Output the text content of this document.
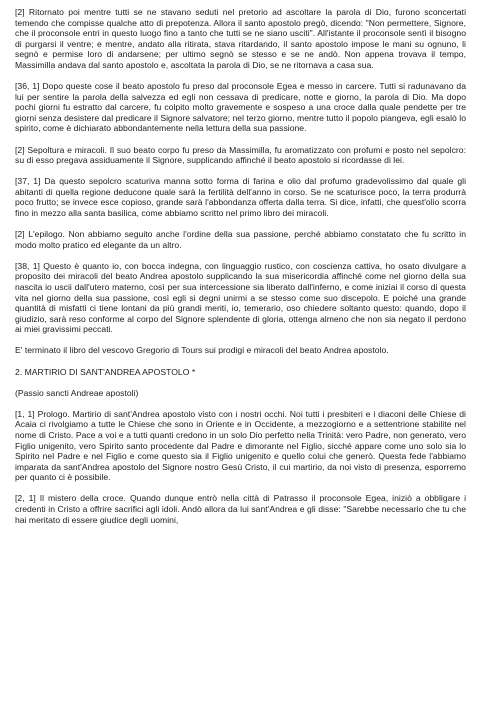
[2] Ritornato poi mentre tutti se ne stavano seduti nel pretorio ad ascoltare la parola di Dio, furono sconcertati temendo che compisse qualche atto di prepotenza. Allora il santo apostolo pregò, dicendo: "Non permettere, Signore, che il proconsole entri in questo luogo fino a tanto che tutti se ne siano usciti". All'istante il proconsole sentì il bisogno di purgarsi il ventre; e mentre, andato alla ritirata, stava ritardando, il santo apostolo impose le mani su ognuno, li segnò e permise loro di andarsene; per ultimo segnò se stesso e se ne andò. Non appena trovava il tempo, Massimilla andava dal santo apostolo e, ascoltata la parola di Dio, se ne ritornava a casa sua.

[36, 1] Dopo queste cose il beato apostolo fu preso dal proconsole Egea e messo in carcere. Tutti si radunavano da lui per sentire la parola della salvezza ed egli non cessava di predicare, notte e giorno, la parola di Dio. Ma dopo pochi giorni fu estratto dal carcere, fu colpito molto gravemente e sospeso a una croce dalla quale pendette per tre giorni senza desistere dal predicare il Signore salvatore; nel terzo giorno, mentre tutto il popolo piangeva, egli esalò lo spirito, come è dichiarato abbondantemente nella lettura della sua passione.

[2] Sepoltura e miracoli. Il suo beato corpo fu preso da Massimilla, fu aromatizzato con profumi e posto nel sepolcro: su di esso pregava assiduamente il Signore, supplicando affinché il beato apostolo si ricordasse di lei.

[37, 1] Da questo sepolcro scaturiva manna sotto forma di farina e olio dal profumo gradevolissimo dal quale gli abitanti di quella regione deducone quale sarà la fertilità dell'anno in corso. Se ne scaturisce poco, la terra produrrà poco frutto; se invece esce copioso, grande sarà l'abbondanza offerta dalla terra. Si dice, infatti, che quest'olio scorra fino in mezzo alla santa basilica, come abbiamo scritto nel primo libro dei miracoli.

[2] L'epilogo. Non abbiamo seguito anche l'ordine della sua passione, perché abbiamo constatato che fu scritto in modo molto pratico ed elegante da un altro.

[38, 1] Questo è quanto io, con bocca indegna, con linguaggio rustico, con coscienza cattiva, ho osato divulgare a proposito dei miracoli del beato Andrea apostolo supplicando la sua misericordia affinché come nel giorno della sua nascita io uscii dall'utero materno, così per sua intercessione sia liberato dall'inferno, e come iniziai il corso di questa vita nel giorno della sua passione, così egli si degni unirmi a se stesso come suo discepolo. E poiché una grande quantità di misfatti ci tiene lontani da più grandi meriti, io, temerario, oso chiedere soltanto questo: quando, dopo il giudizio, sarà reso conforme al corpo del Signore splendente di gloria, ottenga almeno che non sia negato il perdono ai miei gravissimi peccati.

E' terminato il libro del vescovo Gregorio di Tours sui prodigi e miracoli del beato Andrea apostolo.

2. MARTIRIO DI SANT'ANDREA APOSTOLO *

(Passio sancti Andreae apostoli)

[1, 1] Prologo. Martirio di sant'Andrea apostolo visto con i nostri occhi. Noi tutti i presbiteri e i diaconi delle Chiese di Acaia ci rivolgiamo a tutte le Chiese che sono in Oriente e in Occidente, a mezzogiorno e a settentrione stabilite nel nome di Cristo. Pace a voi e a tutti quanti credono in un solo Dio perfetto nella Trinità: vero Padre, non generato, vero Figlio unigenito, vero Spirito santo procedente dal Padre e dimorante nel Figlio, sicché appare come uno solo sia lo Spirito nel Padre e nel Figlio e come questo sia il Figlio unigenito e quello colui che generò. Questa fede l'abbiamo imparata da sant'Andrea apostolo del Signore nostro Gesù Cristo, il cui martirio, da noi visto di presenza, esporremo per quanto ci è possibile.

[2, 1] Il mistero della croce. Quando dunque entrò nella città di Patrasso il proconsole Egea, iniziò a obbligare i credenti in Cristo a offrire sacrifici agli idoli. Andò allora da lui sant'Andrea e gli disse: "Sarebbe necessario che tu che hai meritato di essere giudice degli uomini,
